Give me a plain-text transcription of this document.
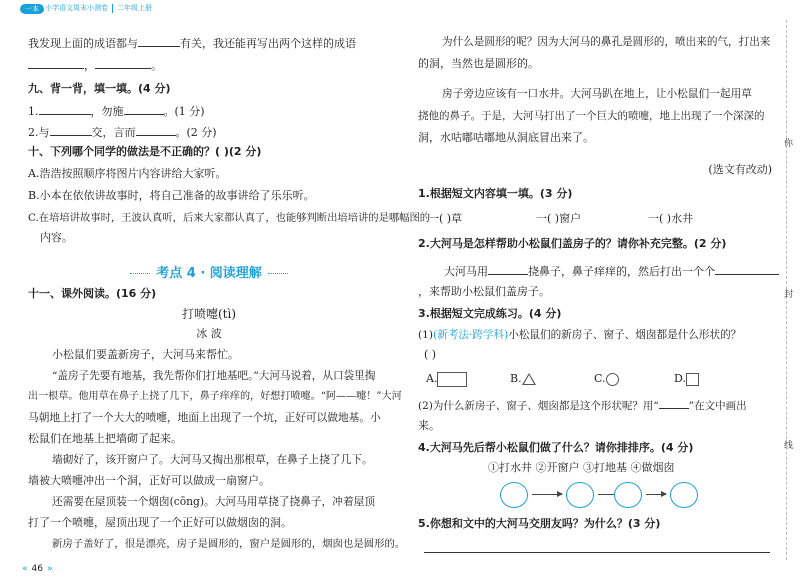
一本 小学语文周末小测卷 二年级上册
我发现上面的成语都与	有关，我还能再写出两个这样的成语
，	。
九、背一背，填一填。(4 分)
1.	，勿施	。(1 分)
2.与	交，言而	。(2 分)
十、下列哪个同学的做法是不正确的？( )(2 分)
A.浩浩按照顺序将图片内容讲给大家听。
B.小本在依依讲故事时，将自己准备的故事讲给了乐乐听。
C.在培培讲故事时，王波认真听，后来大家都认真了，也能够判断出培培讲的是哪幅图的
内容。
考点 4 · 阅读理解
十一、课外阅读。(16 分)
打喷嚏(tì)
冰 波
小松鼠们要盖新房子，大河马来帮忙。
“盖房子先要有地基，我先帮你们打地基吧。”大河马说着，从口袋里掏
出一根草。他用草在鼻子上挠了几下，鼻子痒痒的，好想打喷嚏。“阿——嚏！”大河
马朝地上打了一个大大的喷嚏，地面上出现了一个坑，正好可以做地基。小
松鼠们在地基上把墙砌了起来。
墙砌好了，该开窗户了。大河马又掏出那根草，在鼻子上挠了几下。
墙被大喷嚏冲出一个洞，正好可以做成一扇窗户。
还需要在屋顶装一个烟囱(cōng)。大河马用草挠了挠鼻子，冲着屋顶
打了一个喷嚏，屋顶出现了一个正好可以做烟囱的洞。
新房子盖好了，很是漂亮，房子是圆形的，窗户是圆形的，烟囱也是圆形的。
为什么是圆形的呢？因为大河马的鼻孔是圆形的，喷出来的气，打出来
的洞，当然也是圆形的。
房子旁边应该有一口水井。大河马趴在地上，让小松鼠们一起用草
挠他的鼻子。于是，大河马打出了一个巨大的喷嚏，地上出现了一个深深的
洞，水咕嘟咕嘟地从洞底冒出来了。
(选文有改动)
1.根据短文内容填一填。(3 分)
一( )草	一( )窗户	一( )水井
2.大河马是怎样帮助小松鼠们盖房子的？请你补充完整。(2 分)
大河马用	挠鼻子，鼻子痒痒的，然后打出一个个
，来帮助小松鼠们盖房子。
3.根据短文完成练习。(4 分)
(1)(新考法·跨学科)小松鼠们的新房子、窗子、烟囱都是什么形状的？
( )
A.	B.	C.	D.
(2)为什么新房子、窗子、烟囱都是这个形状呢？用“	”在文中画出
来。
4.大河马先后帮小松鼠们做了什么？请你排排序。(4 分)
①打水井 ②开窗户 ③打地基 ④做烟囱
5.你想和文中的大河马交朋友吗？为什么？(3 分)
你
封
线
« 46 »
